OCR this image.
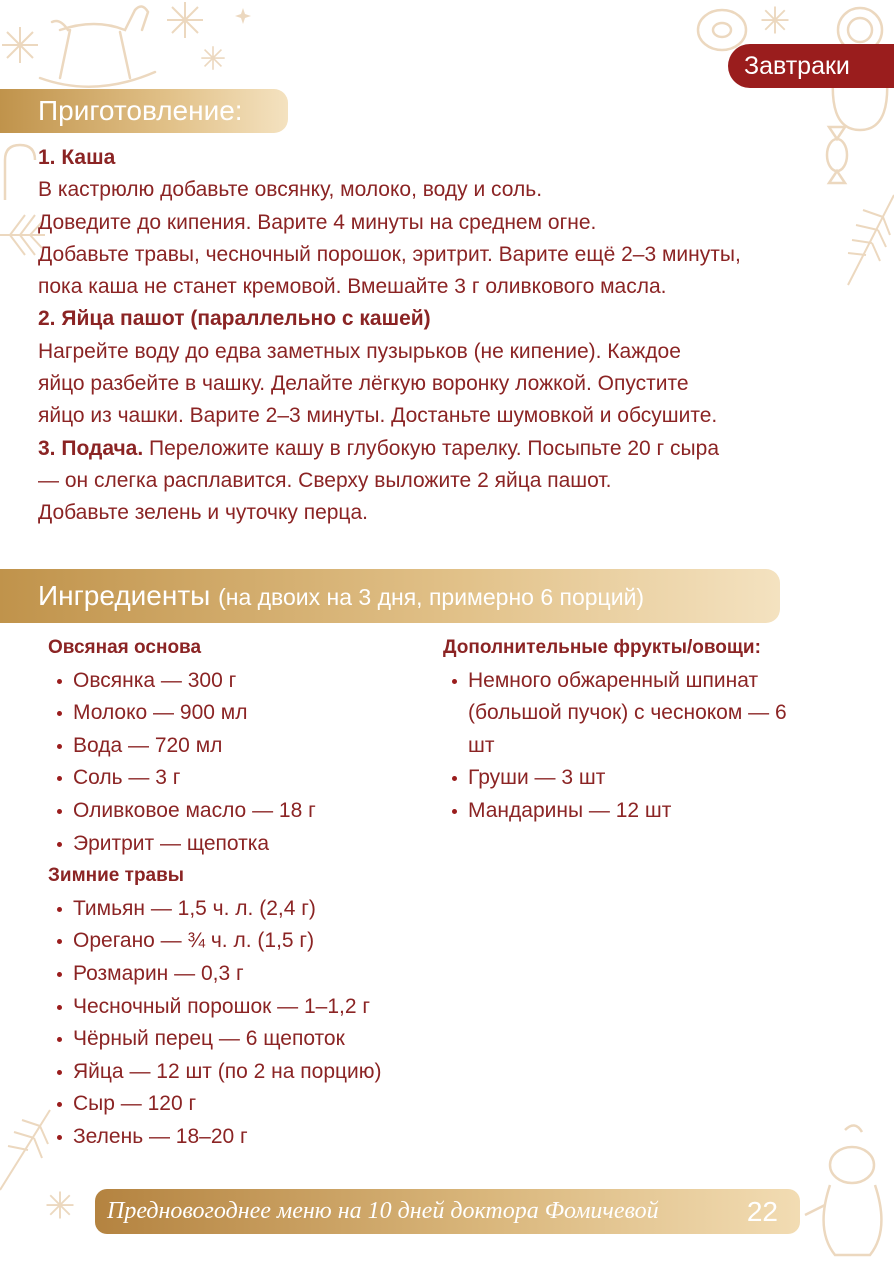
Завтраки
Приготовление:

1. Каша

В кастрюлю добавьте овсянку, молоко, воду и соль.

Доведите до кипения. Варите 4 минуты на среднем огне.

Добавьте травы, чесночный порошок, эритрит. Варите ещё 2–3 минуты,

пока каша не станет кремовой. Вмешайте 3 г оливкового масла.

2. Яйца пашот (параллельно с кашей)

Нагрейте воду до едва заметных пузырьков (не кипение). Каждое

яйцо разбейте в чашку. Делайте лёгкую воронку ложкой. Опустите

яйцо из чашки. Варите 2–3 минуты. Достаньте шумовкой и обсушите.

3. Подача. Переложите кашу в глубокую тарелку. Посыпьте 20 г сыра

— он слегка расплавится. Сверху выложите 2 яйца пашот.

Добавьте зелень и чуточку перца.

Ингредиенты (на двоих на 3 дня, примерно 6 порций)

Овсяная основа

Овсянка — 300 г
Молоко — 900 мл
Вода — 720 мл
Соль — 3 г
Оливковое масло — 18 г
Эритрит — щепотка

Зимние травы

Тимьян — 1,5 ч. л. (2,4 г)
Орегано — ¾ ч. л. (1,5 г)
Розмарин — 0,3 г
Чесночный порошок — 1–1,2 г
Чёрный перец — 6 щепоток
Яйца — 12 шт (по 2 на порцию)
Сыр — 120 г
Зелень — 18–20 г

Дополнительные фрукты/овощи:

Немного обжаренный шпинат (большой пучок) с чесноком — 6 шт
Груши — 3 шт
Мандарины — 12 шт
Предновогоднее меню на 10 дней доктора Фомичевой	22
